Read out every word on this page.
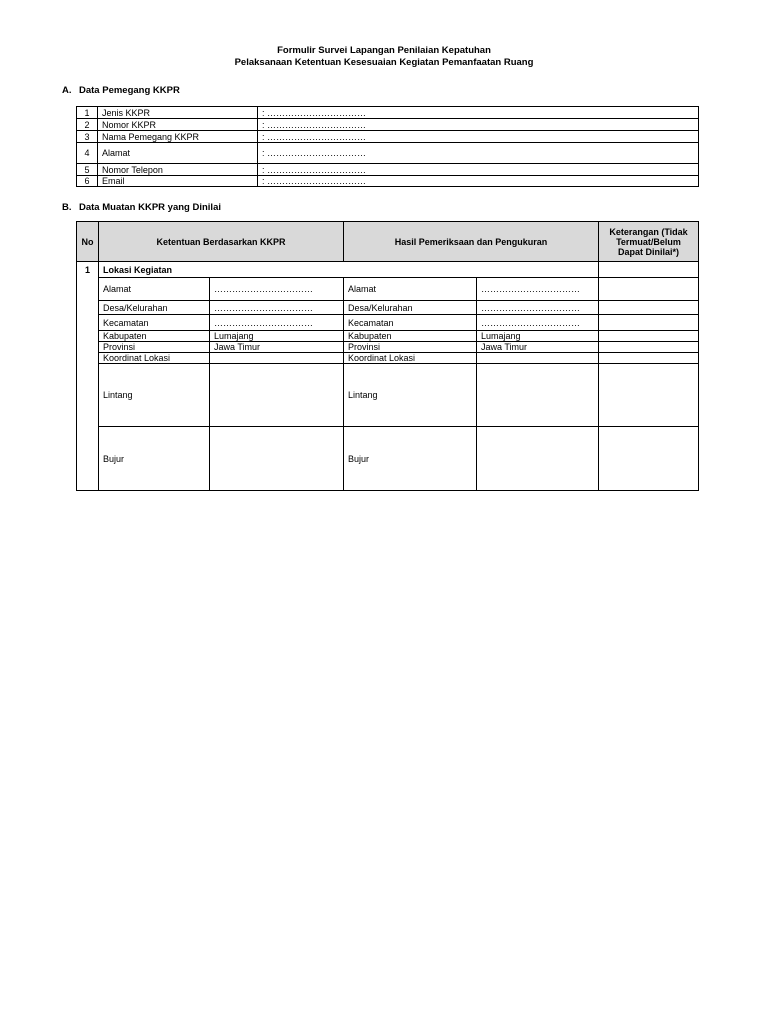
Formulir Survei Lapangan Penilaian Kepatuhan
Pelaksanaan Ketentuan Kesesuaian Kegiatan Pemanfaatan Ruang
A. Data Pemegang KKPR
1	Jenis KKPR	: ……………………………
2	Nomor KKPR	: ……………………………
3	Nama Pemegang KKPR	: ……………………………
4	Alamat	: ……………………………
5	Nomor Telepon	: ……………………………
6	Email	: ……………………………
B. Data Muatan KKPR yang Dinilai
No	Ketentuan Berdasarkan KKPR		Hasil Pemeriksaan dan Pengukuran		Keterangan (Tidak Termuat/Belum Dapat Dinilai*)
1	Lokasi Kegiatan				
	Alamat	……………………………	Alamat	……………………………	
	Desa/Kelurahan	……………………………	Desa/Kelurahan	……………………………	
	Kecamatan	……………………………	Kecamatan	……………………………	
	Kabupaten	Lumajang	Kabupaten	Lumajang	
	Provinsi	Jawa Timur	Provinsi	Jawa Timur	
	Koordinat Lokasi		Koordinat Lokasi		
	Lintang		Lintang		
	Bujur		Bujur		
